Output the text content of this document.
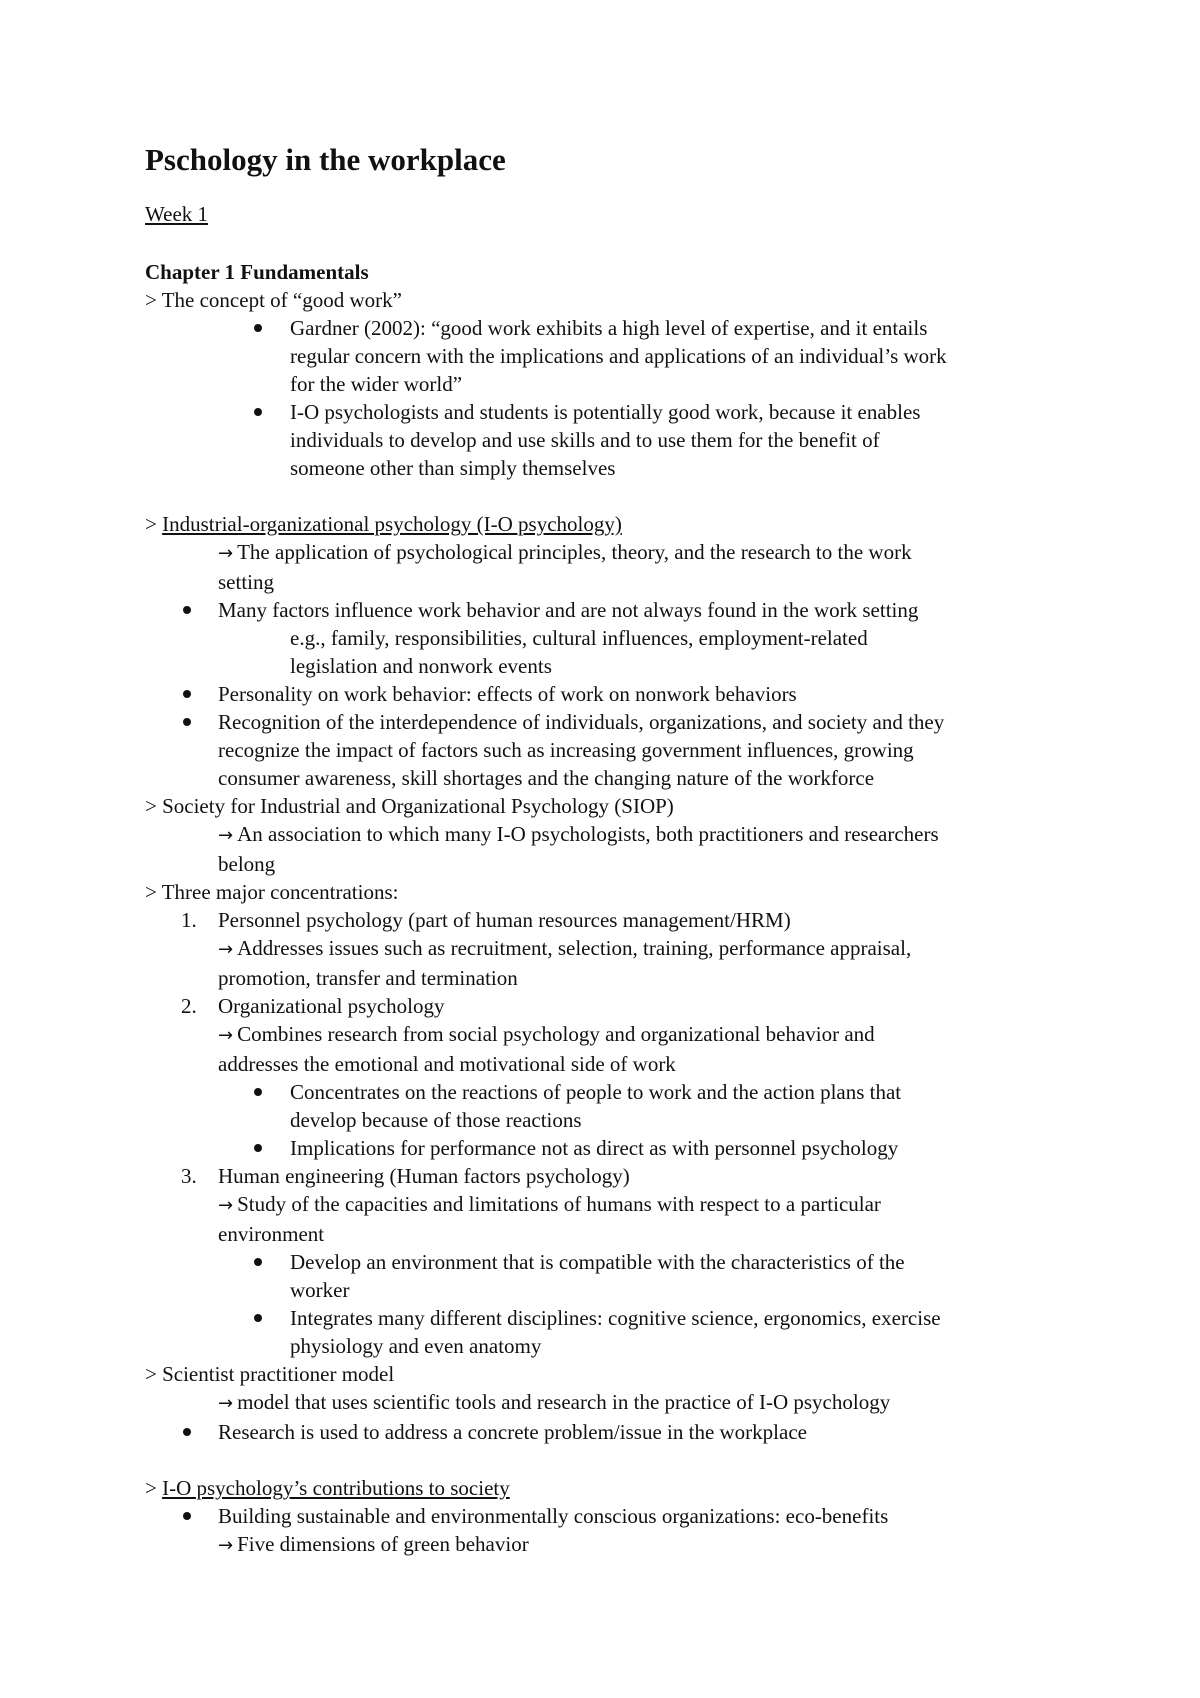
Pschology in the workplace
Week 1
Chapter 1 Fundamentals
> The concept of “good work”
Gardner (2002): “good work exhibits a high level of expertise, and it entails
regular concern with the implications and applications of an individual’s work
for the wider world”
I-O psychologists and students is potentially good work, because it enables
individuals to develop and use skills and to use them for the benefit of
someone other than simply themselves
> Industrial-organizational psychology (I-O psychology)
→ The application of psychological principles, theory, and the research to the work
setting
Many factors influence work behavior and are not always found in the work setting
e.g., family, responsibilities, cultural influences, employment-related
legislation and nonwork events
Personality on work behavior: effects of work on nonwork behaviors
Recognition of the interdependence of individuals, organizations, and society and they
recognize the impact of factors such as increasing government influences, growing
consumer awareness, skill shortages and the changing nature of the workforce
> Society for Industrial and Organizational Psychology (SIOP)
→ An association to which many I-O psychologists, both practitioners and researchers
belong
> Three major concentrations:
1. Personnel psychology (part of human resources management/HRM)
→ Addresses issues such as recruitment, selection, training, performance appraisal,
promotion, transfer and termination
2. Organizational psychology
→ Combines research from social psychology and organizational behavior and
addresses the emotional and motivational side of work
Concentrates on the reactions of people to work and the action plans that
develop because of those reactions
Implications for performance not as direct as with personnel psychology
3. Human engineering (Human factors psychology)
→ Study of the capacities and limitations of humans with respect to a particular
environment
Develop an environment that is compatible with the characteristics of the
worker
Integrates many different disciplines: cognitive science, ergonomics, exercise
physiology and even anatomy
> Scientist practitioner model
→ model that uses scientific tools and research in the practice of I-O psychology
Research is used to address a concrete problem/issue in the workplace
> I-O psychology’s contributions to society
Building sustainable and environmentally conscious organizations: eco-benefits
→ Five dimensions of green behavior
